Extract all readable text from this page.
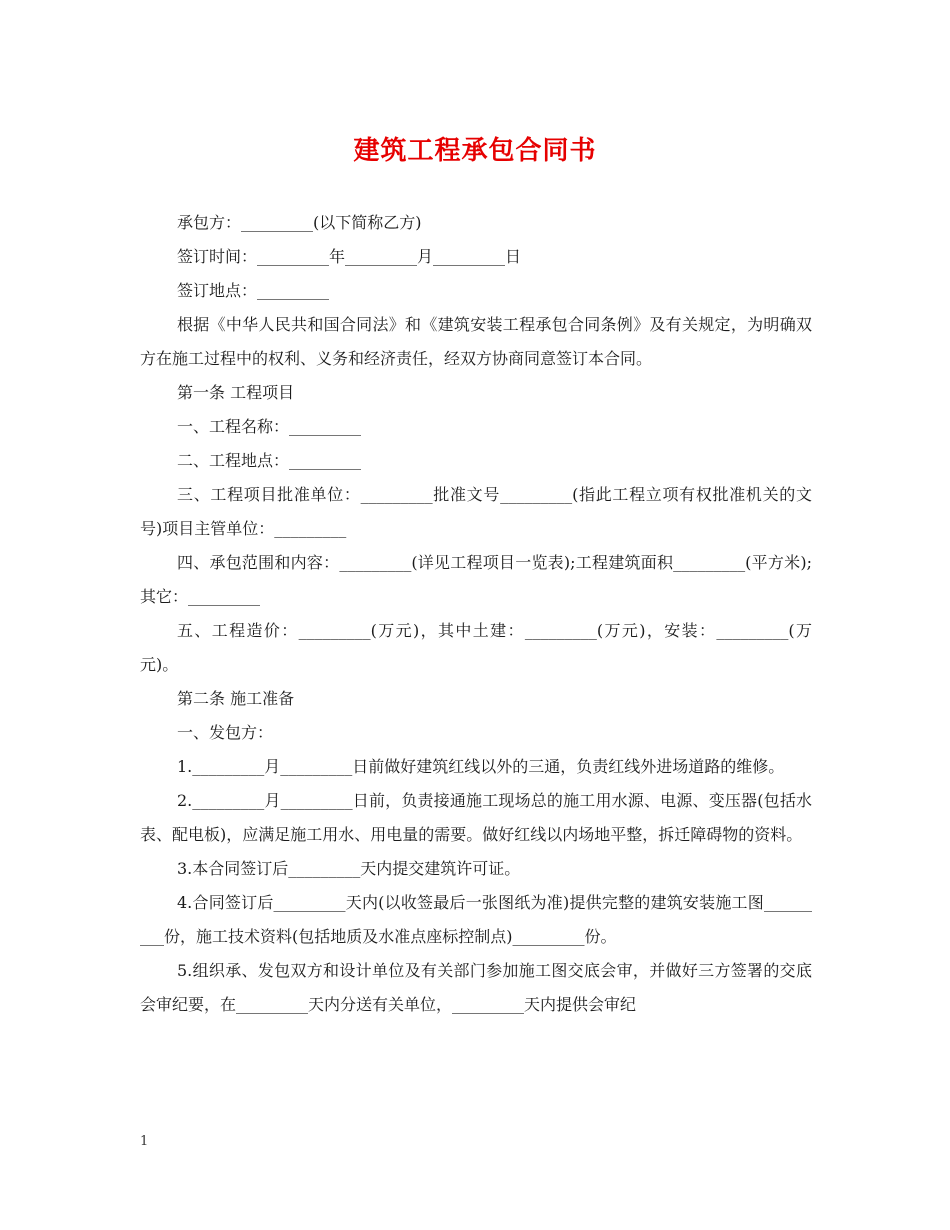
建筑工程承包合同书

承包方：_________(以下简称乙方)

签订时间：_________年_________月_________日

签订地点：_________

根据《中华人民共和国合同法》和《建筑安装工程承包合同条例》及有关规定，为明确双方在施工过程中的权利、义务和经济责任，经双方协商同意签订本合同。

第一条 工程项目

一、工程名称：_________

二、工程地点：_________

三、工程项目批准单位：_________批准文号_________(指此工程立项有权批准机关的文号)项目主管单位：_________

四、承包范围和内容：_________(详见工程项目一览表);工程建筑面积_________(平方米);其它：_________

五、工程造价：_________(万元)，其中土建：_________(万元)，安装：_________(万元)。

第二条 施工准备

一、发包方：

1._________月_________日前做好建筑红线以外的三通，负责红线外进场道路的维修。

2._________月_________日前，负责接通施工现场总的施工用水源、电源、变压器(包括水表、配电板)，应满足施工用水、用电量的需要。做好红线以内场地平整，拆迁障碍物的资料。

3.本合同签订后_________天内提交建筑许可证。

4.合同签订后_________天内(以收签最后一张图纸为准)提供完整的建筑安装施工图_________份，施工技术资料(包括地质及水准点座标控制点)_________份。

5.组织承、发包双方和设计单位及有关部门参加施工图交底会审，并做好三方签署的交底会审纪要，在_________天内分送有关单位，_________天内提供会审纪

1
